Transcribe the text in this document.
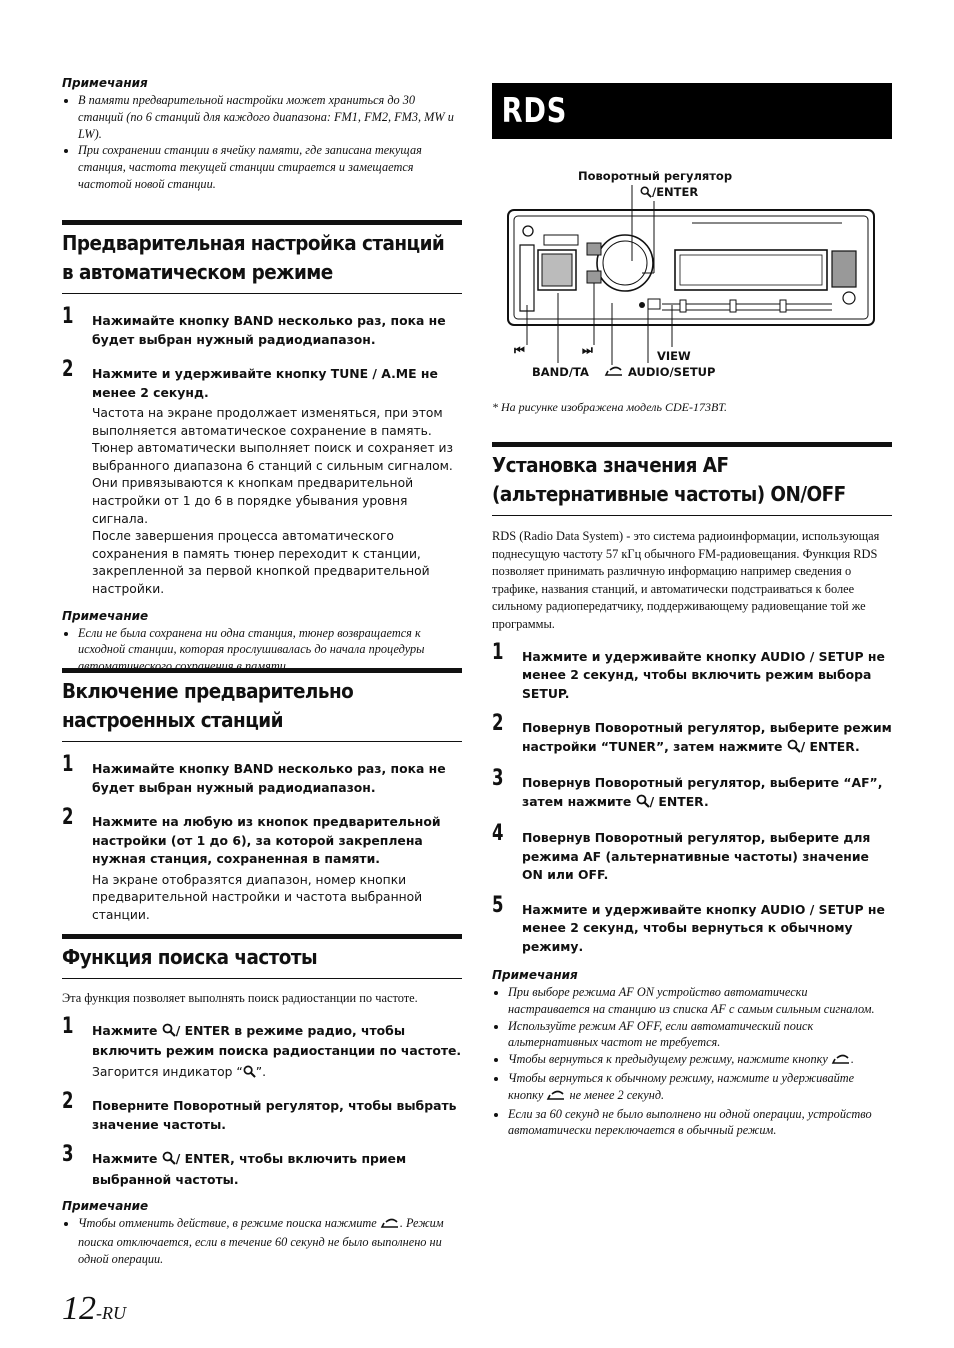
Примечания
• В памяти предварительной настройки может храниться до 30 станций (по 6 станций для каждого диапазона: FM1, FM2, FM3, MW и LW).
• При сохранении станции в ячейку памяти, где записана текущая станция, частота текущей станции стирается и замещается частотой новой станции.
Предварительная настройка станций в автоматическом режиме
1 Нажимайте кнопку BAND несколько раз, пока не будет выбран нужный радиодиапазон.
2 Нажмите и удерживайте кнопку TUNE / A.ME не менее 2 секунд.
Частота на экране продолжает изменяться, при этом выполняется автоматическое сохранение в память. Тюнер автоматически выполняет поиск и сохраняет из выбранного диапазона 6 станций с сильным сигналом. Они привязываются к кнопкам предварительной настройки от 1 до 6 в порядке убывания уровня сигнала.
После завершения процесса автоматического сохранения в память тюнер переходит к станции, закрепленной за первой кнопкой предварительной настройки.
Примечание
• Если не была сохранена ни одна станция, тюнер возвращается к исходной станции, которая прослушивалась до начала процедуры автоматического сохранения в памяти.
Включение предварительно настроенных станций
1 Нажимайте кнопку BAND несколько раз, пока не будет выбран нужный радиодиапазон.
2 Нажмите на любую из кнопок предварительной настройки (от 1 до 6), за которой закреплена нужная станция, сохраненная в памяти.
На экране отобразятся диапазон, номер кнопки предварительной настройки и частота выбранной станции.
Функция поиска частоты
Эта функция позволяет выполнять поиск радиостанции по частоте.
1 Нажмите / ENTER в режиме радио, чтобы включить режим поиска радиостанции по частоте.
Загорится индикатор “ ”.
2 Поверните Поворотный регулятор, чтобы выбрать значение частоты.
3 Нажмите / ENTER, чтобы включить прием выбранной частоты.
Примечание
• Чтобы отменить действие, в режиме поиска нажмите . Режим поиска отключается, если в течение 60 секунд не было выполнено ни одной операции.
12-RU
RDS
Поворотный регулятор
/ENTER
⏮	⏭	VIEW
BAND/TA	AUDIO/SETUP
* На рисунке изображена модель CDE-173BT.
Установка значения AF (альтернативные частоты) ON/OFF
RDS (Radio Data System) - это система радиоинформации, использующая поднесущую частоту 57 кГц обычного FM-радиовещания. Функция RDS позволяет принимать различную информацию например сведения о трафике, названия станций, и автоматически подстраиваться к более сильному радиопередатчику, поддерживающему радиовещание той же программы.
1 Нажмите и удерживайте кнопку AUDIO / SETUP не менее 2 секунд, чтобы включить режим выбора SETUP.
2 Повернув Поворотный регулятор, выберите режим настройки “TUNER”, затем нажмите / ENTER.
3 Повернув Поворотный регулятор, выберите “AF”, затем нажмите / ENTER.
4 Повернув Поворотный регулятор, выберите для режима AF (альтернативные частоты) значение ON или OFF.
5 Нажмите и удерживайте кнопку AUDIO / SETUP не менее 2 секунд, чтобы вернуться к обычному режиму.
Примечания
• При выборе режима AF ON устройство автоматически настраивается на станцию из списка AF с самым сильным сигналом.
• Используйте режим AF OFF, если автоматический поиск альтернативных частот не требуется.
• Чтобы вернуться к предыдущему режиму, нажмите кнопку .
• Чтобы вернуться к обычному режиму, нажмите и удерживайте кнопку  не менее 2 секунд.
• Если за 60 секунд не было выполнено ни одной операции, устройство автоматически переключается в обычный режим.
